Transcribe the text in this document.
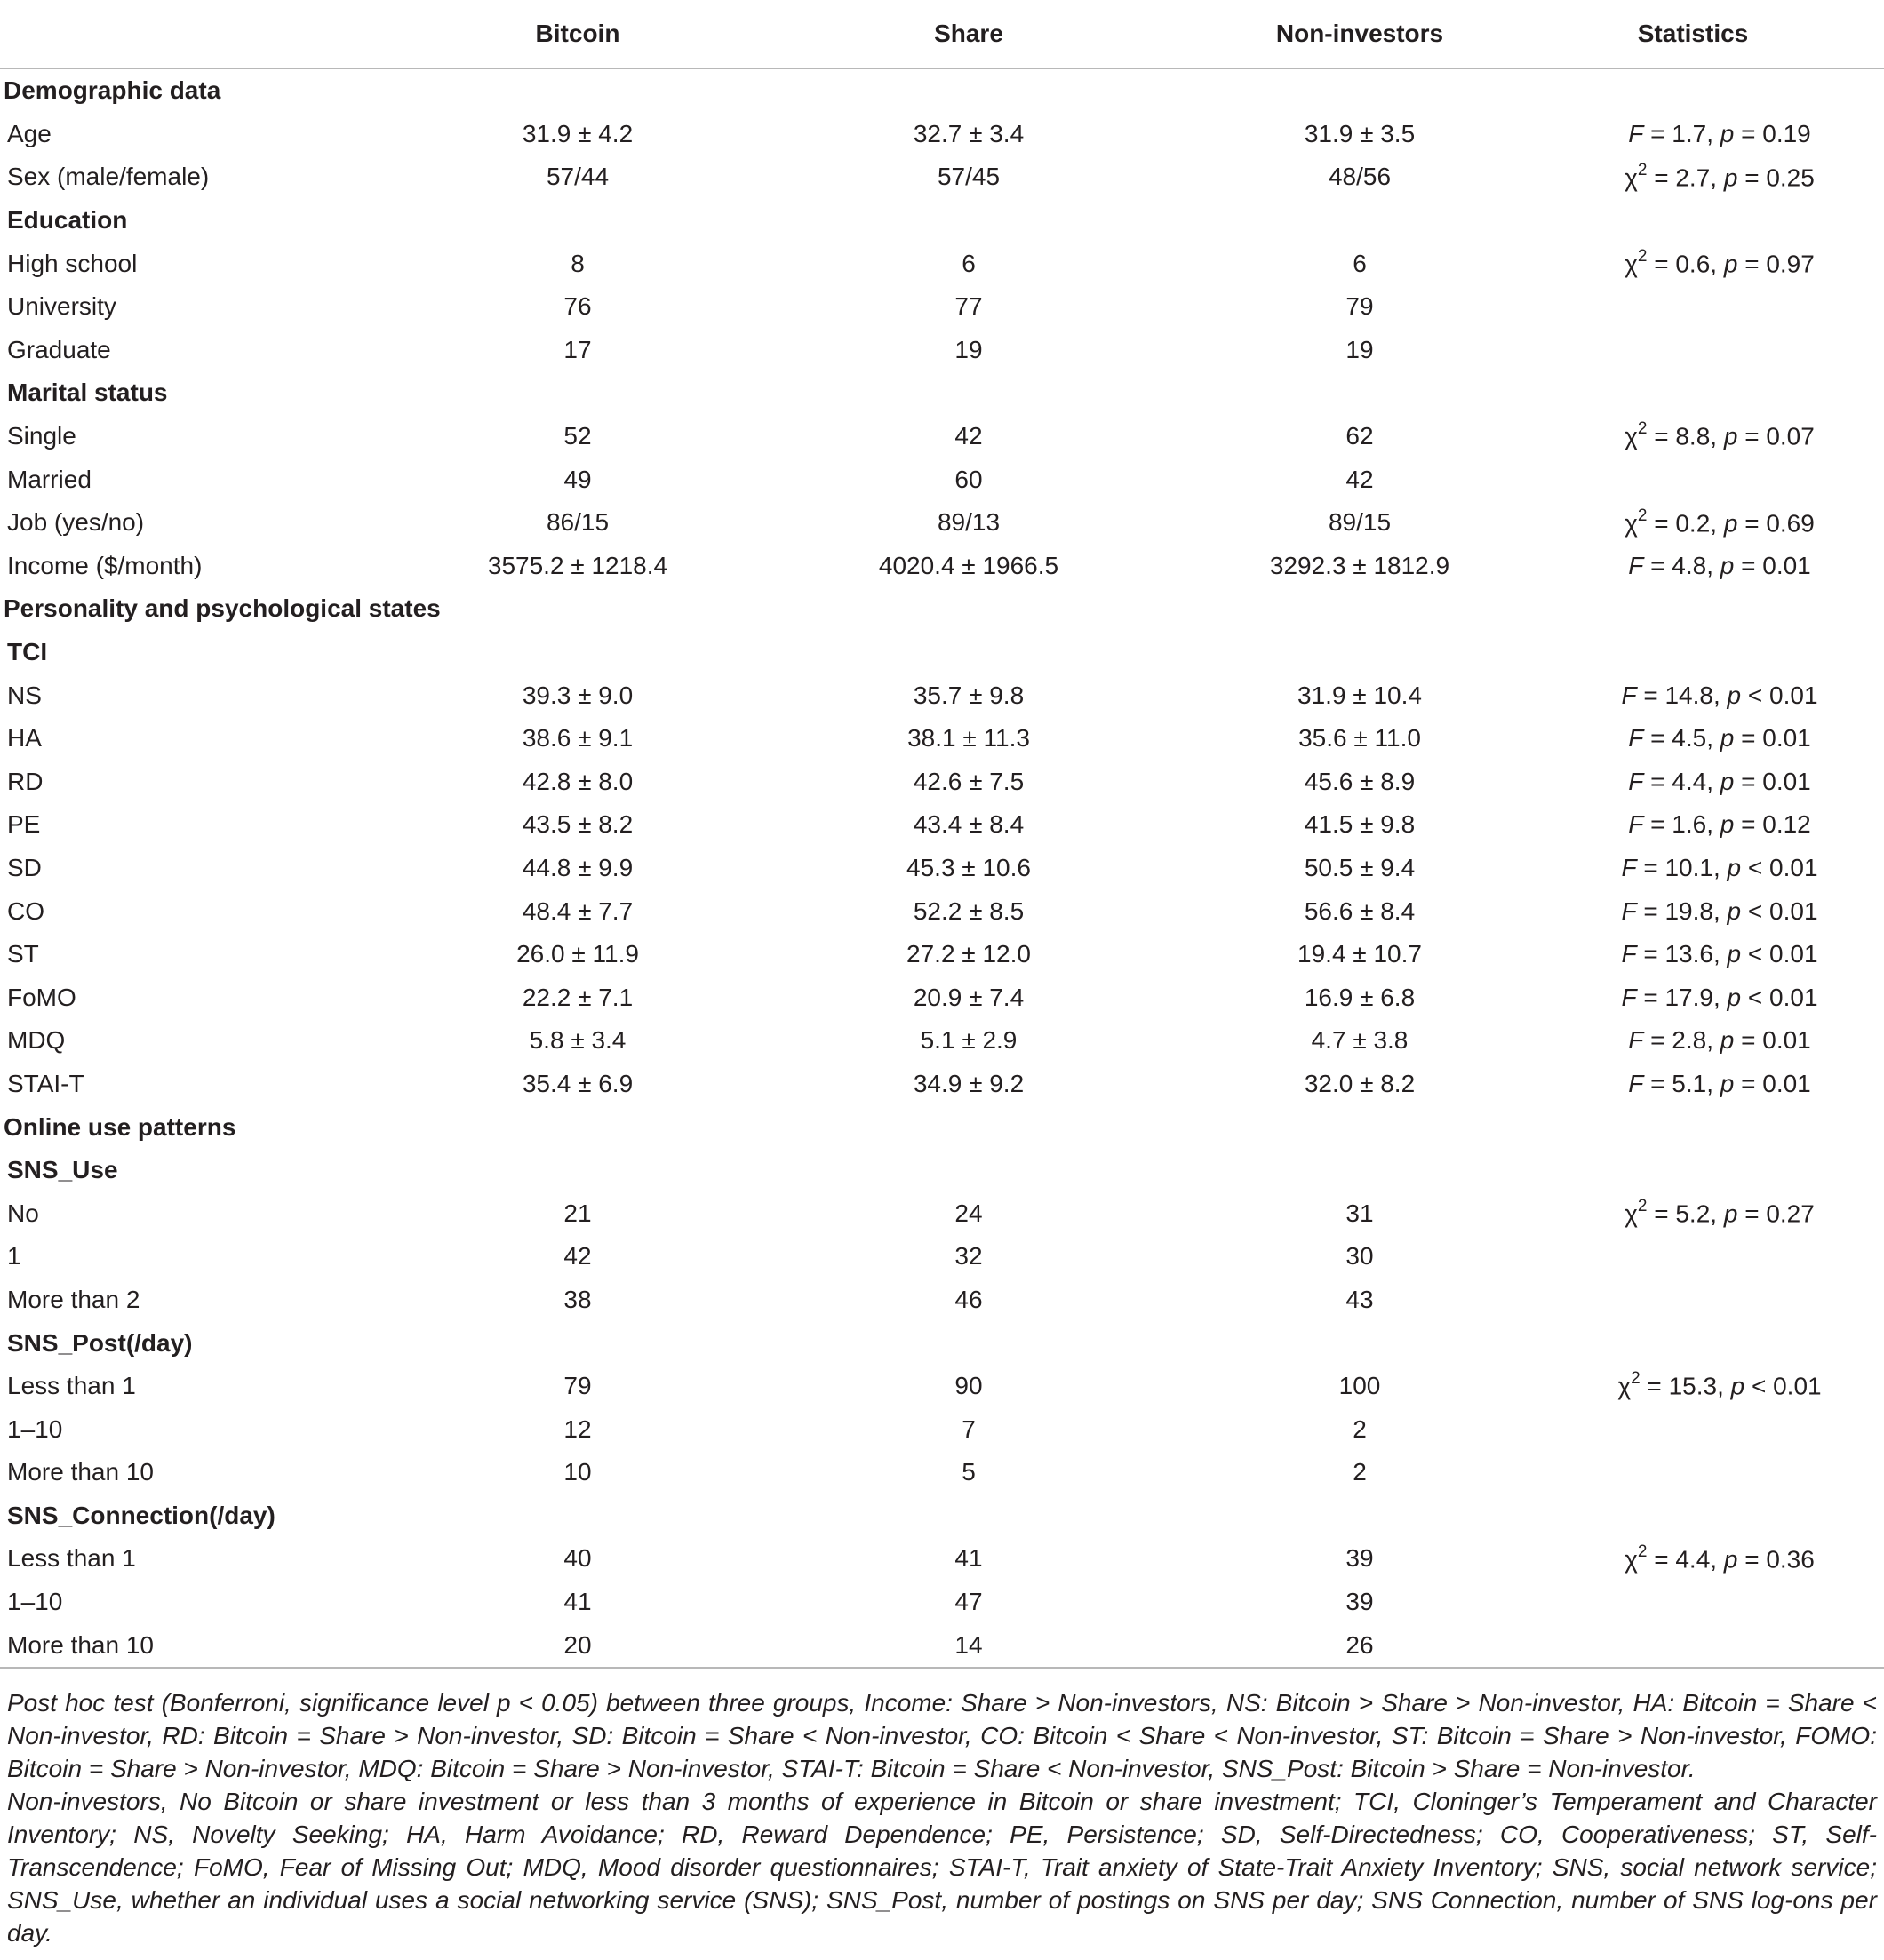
	Bitcoin	Share	Non-investors	Statistics
Demographic data				
Age	31.9 ± 4.2	32.7 ± 3.4	31.9 ± 3.5	F = 1.7, p = 0.19
Sex (male/female)	57/44	57/45	48/56	$\chi^2 = 2.7$, p = 0.25
Education				
High school	8	6	6	$\chi^2 = 0.6$, p = 0.97
University	76	77	79	
Graduate	17	19	19	
Marital status				
Single	52	42	62	$\chi^2 = 8.8$, p = 0.07
Married	49	60	42	
Job (yes/no)	86/15	89/13	89/15	$\chi^2 = 0.2$, p = 0.69
Income ($/month)	3575.2 ± 1218.4	4020.4 ± 1966.5	3292.3 ± 1812.9	F = 4.8, p = 0.01
Personality and psychological states				
TCI				
NS	39.3 ± 9.0	35.7 ± 9.8	31.9 ± 10.4	F = 14.8, p < 0.01
HA	38.6 ± 9.1	38.1 ± 11.3	35.6 ± 11.0	F = 4.5, p = 0.01
RD	42.8 ± 8.0	42.6 ± 7.5	45.6 ± 8.9	F = 4.4, p = 0.01
PE	43.5 ± 8.2	43.4 ± 8.4	41.5 ± 9.8	F = 1.6, p = 0.12
SD	44.8 ± 9.9	45.3 ± 10.6	50.5 ± 9.4	F = 10.1, p < 0.01
CO	48.4 ± 7.7	52.2 ± 8.5	56.6 ± 8.4	F = 19.8, p < 0.01
ST	26.0 ± 11.9	27.2 ± 12.0	19.4 ± 10.7	F = 13.6, p < 0.01
FoMO	22.2 ± 7.1	20.9 ± 7.4	16.9 ± 6.8	F = 17.9, p < 0.01
MDQ	5.8 ± 3.4	5.1 ± 2.9	4.7 ± 3.8	F = 2.8, p = 0.01
STAI-T	35.4 ± 6.9	34.9 ± 9.2	32.0 ± 8.2	F = 5.1, p = 0.01
Online use patterns				
SNS_Use				
No	21	24	31	$\chi^2 = 5.2$, p = 0.27
1	42	32	30	
More than 2	38	46	43	
SNS_Post(/day)				
Less than 1	79	90	100	$\chi^2 = 15.3$, p < 0.01
1–10	12	7	2	
More than 10	10	5	2	
SNS_Connection(/day)				
Less than 1	40	41	39	$\chi^2 = 4.4$, p = 0.36
1–10	41	47	39	
More than 10	20	14	26	

Post hoc test (Bonferroni, significance level p < 0.05) between three groups, Income: Share > Non-investors, NS: Bitcoin > Share > Non-investor, HA: Bitcoin = Share < Non-investor, RD: Bitcoin = Share > Non-investor, SD: Bitcoin = Share < Non-investor, CO: Bitcoin < Share < Non-investor, ST: Bitcoin = Share > Non-investor, FOMO: Bitcoin = Share > Non-investor, MDQ: Bitcoin = Share > Non-investor, STAI-T: Bitcoin = Share < Non-investor, SNS_Post: Bitcoin > Share = Non-investor.

Non-investors, No Bitcoin or share investment or less than 3 months of experience in Bitcoin or share investment; TCI, Cloninger’s Temperament and Character Inventory; NS, Novelty Seeking; HA, Harm Avoidance; RD, Reward Dependence; PE, Persistence; SD, Self-Directedness; CO, Cooperativeness; ST, Self-Transcendence; FoMO, Fear of Missing Out; MDQ, Mood disorder questionnaires; STAI-T, Trait anxiety of State-Trait Anxiety Inventory; SNS, social network service; SNS_Use, whether an individual uses a social networking service (SNS); SNS_Post, number of postings on SNS per day; SNS Connection, number of SNS log-ons per day.
